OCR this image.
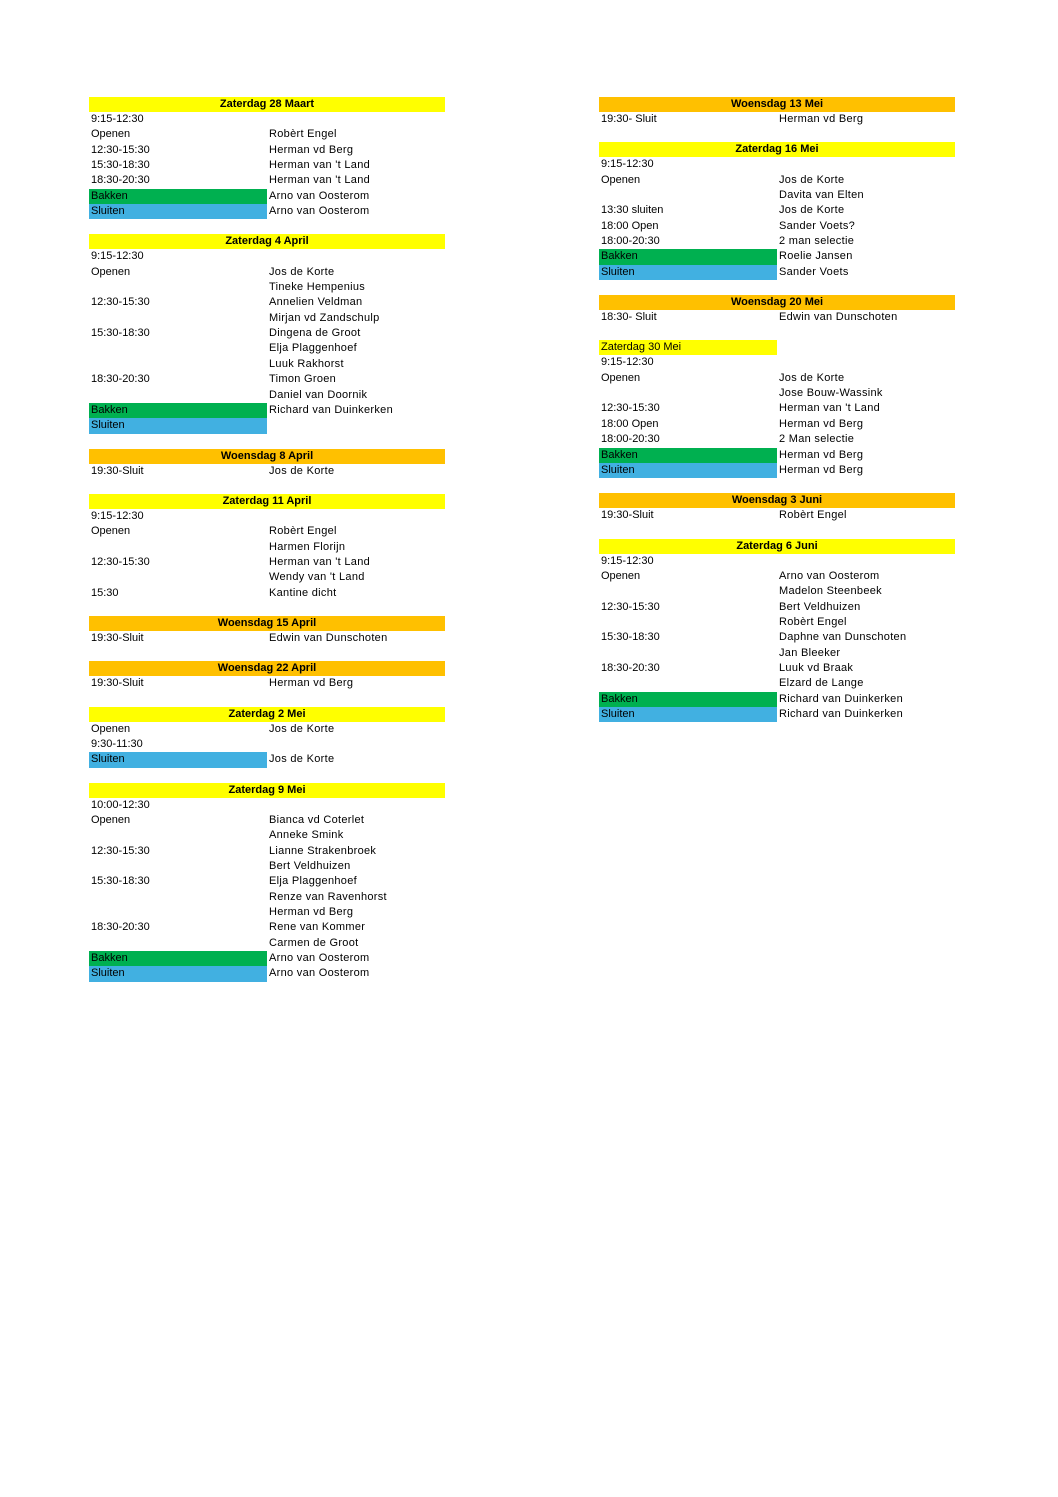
Zaterdag 28 Maart
9:15-12:30
Openen	Robèrt Engel
12:30-15:30	Herman vd Berg
15:30-18:30	Herman van 't Land
18:30-20:30	Herman van 't Land
Bakken	Arno van Oosterom
Sluiten	Arno van Oosterom
Zaterdag 4 April
9:15-12:30
Openen	Jos de Korte
Tineke Hempenius
12:30-15:30	Annelien Veldman
Mirjan vd Zandschulp
15:30-18:30	Dingena de Groot
Elja Plaggenhoef
Luuk Rakhorst
18:30-20:30	Timon Groen
Daniel van Doornik
Bakken	Richard van Duinkerken
Sluiten
Woensdag 8 April
19:30-Sluit	Jos de Korte
Zaterdag 11 April
9:15-12:30
Openen	Robèrt Engel
Harmen Florijn
12:30-15:30	Herman van 't Land
Wendy van 't Land
15:30	Kantine dicht
Woensdag 15 April
19:30-Sluit	Edwin van Dunschoten
Woensdag 22 April
19:30-Sluit	Herman vd Berg
Zaterdag 2 Mei
Openen	Jos de Korte
9:30-11:30
Sluiten	Jos de Korte
Zaterdag 9 Mei
10:00-12:30
Openen	Bianca vd Coterlet
Anneke Smink
12:30-15:30	Lianne Strakenbroek
Bert Veldhuizen
15:30-18:30	Elja Plaggenhoef
Renze van Ravenhorst
Herman vd Berg
18:30-20:30	Rene van Kommer
Carmen de Groot
Bakken	Arno van Oosterom
Sluiten	Arno van Oosterom
Woensdag 13 Mei
19:30- Sluit	Herman vd Berg
Zaterdag 16 Mei
9:15-12:30
Openen	Jos de Korte
Davita van Elten
13:30 sluiten	Jos de Korte
18:00 Open	Sander Voets?
18:00-20:30	2 man selectie
Bakken	Roelie Jansen
Sluiten	Sander Voets
Woensdag 20 Mei
18:30- Sluit	Edwin van Dunschoten
Zaterdag 30 Mei
9:15-12:30
Openen	Jos de Korte
Jose Bouw-Wassink
12:30-15:30	Herman van 't Land
18:00 Open	Herman vd Berg
18:00-20:30	2 Man selectie
Bakken	Herman vd Berg
Sluiten	Herman vd Berg
Woensdag 3 Juni
19:30-Sluit	Robèrt Engel
Zaterdag 6 Juni
9:15-12:30
Openen	Arno van Oosterom
Madelon Steenbeek
12:30-15:30	Bert Veldhuizen
Robèrt Engel
15:30-18:30	Daphne van Dunschoten
Jan Bleeker
18:30-20:30	Luuk vd Braak
Elzard de Lange
Bakken	Richard van Duinkerken
Sluiten	Richard van Duinkerken
